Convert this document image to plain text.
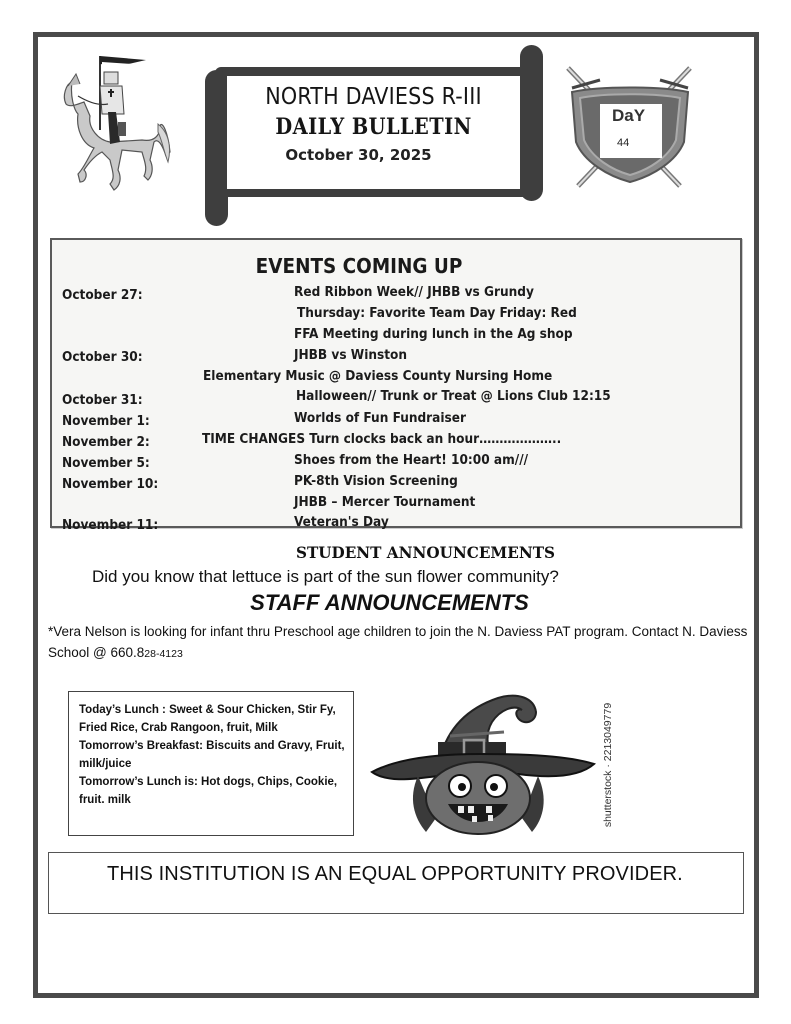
NORTH DAVIESS R-III
DAILY BULLETIN
October 30, 2025
DaY
44
EVENTS COMING UP
October 27:	Red Ribbon Week// JHBB vs Grundy
Thursday: Favorite Team Day Friday: Red
FFA Meeting during lunch in the Ag shop
October 30:	JHBB vs Winston
Elementary Music @ Daviess County Nursing Home
October 31:	Halloween// Trunk or Treat @ Lions Club 12:15
November 1:	Worlds of Fun Fundraiser
November 2:	TIME CHANGES Turn clocks back an hour………………..
November 5:	Shoes from the Heart! 10:00 am///
November 10:	PK-8th Vision Screening
JHBB – Mercer Tournament
November 11:	Veteran's Day
STUDENT ANNOUNCEMENTS
Did you know that lettuce is part of the sun flower community?
STAFF ANNOUNCEMENTS
*Vera Nelson is looking for infant thru Preschool age children to join the N. Daviess PAT program. Contact N. Daviess School @ 660.828-4123
Today’s Lunch : Sweet & Sour Chicken, Stir Fy, Fried Rice, Crab Rangoon, fruit, Milk
Tomorrow’s Breakfast: Biscuits and Gravy, Fruit, milk/juice
Tomorrow’s Lunch is: Hot dogs, Chips, Cookie, fruit. milk	shutterstock · 2213049779
THIS INSTITUTION IS AN EQUAL OPPORTUNITY PROVIDER.
